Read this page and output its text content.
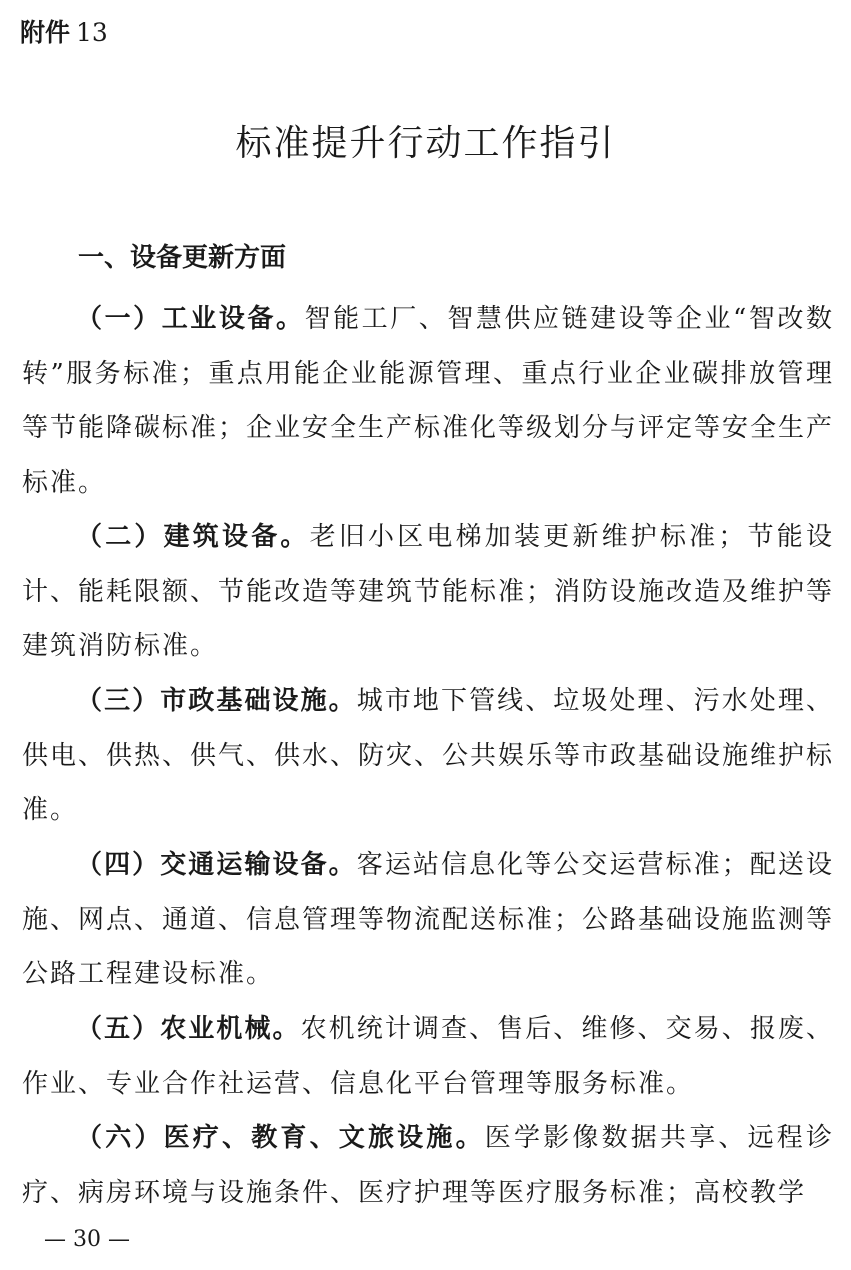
附件 13
标准提升行动工作指引
一、设备更新方面

（一）工业设备。智能工厂、智慧供应链建设等企业“智改数转”服务标准；重点用能企业能源管理、重点行业企业碳排放管理等节能降碳标准；企业安全生产标准化等级划分与评定等安全生产标准。

（二）建筑设备。老旧小区电梯加装更新维护标准；节能设计、能耗限额、节能改造等建筑节能标准；消防设施改造及维护等建筑消防标准。

（三）市政基础设施。城市地下管线、垃圾处理、污水处理、供电、供热、供气、供水、防灾、公共娱乐等市政基础设施维护标准。

（四）交通运输设备。客运站信息化等公交运营标准；配送设施、网点、通道、信息管理等物流配送标准；公路基础设施监测等公路工程建设标准。

（五）农业机械。农机统计调查、售后、维修、交易、报废、作业、专业合作社运营、信息化平台管理等服务标准。

（六）医疗、教育、文旅设施。医学影像数据共享、远程诊疗、病房环境与设施条件、医疗护理等医疗服务标准；高校教学

— 30 —
